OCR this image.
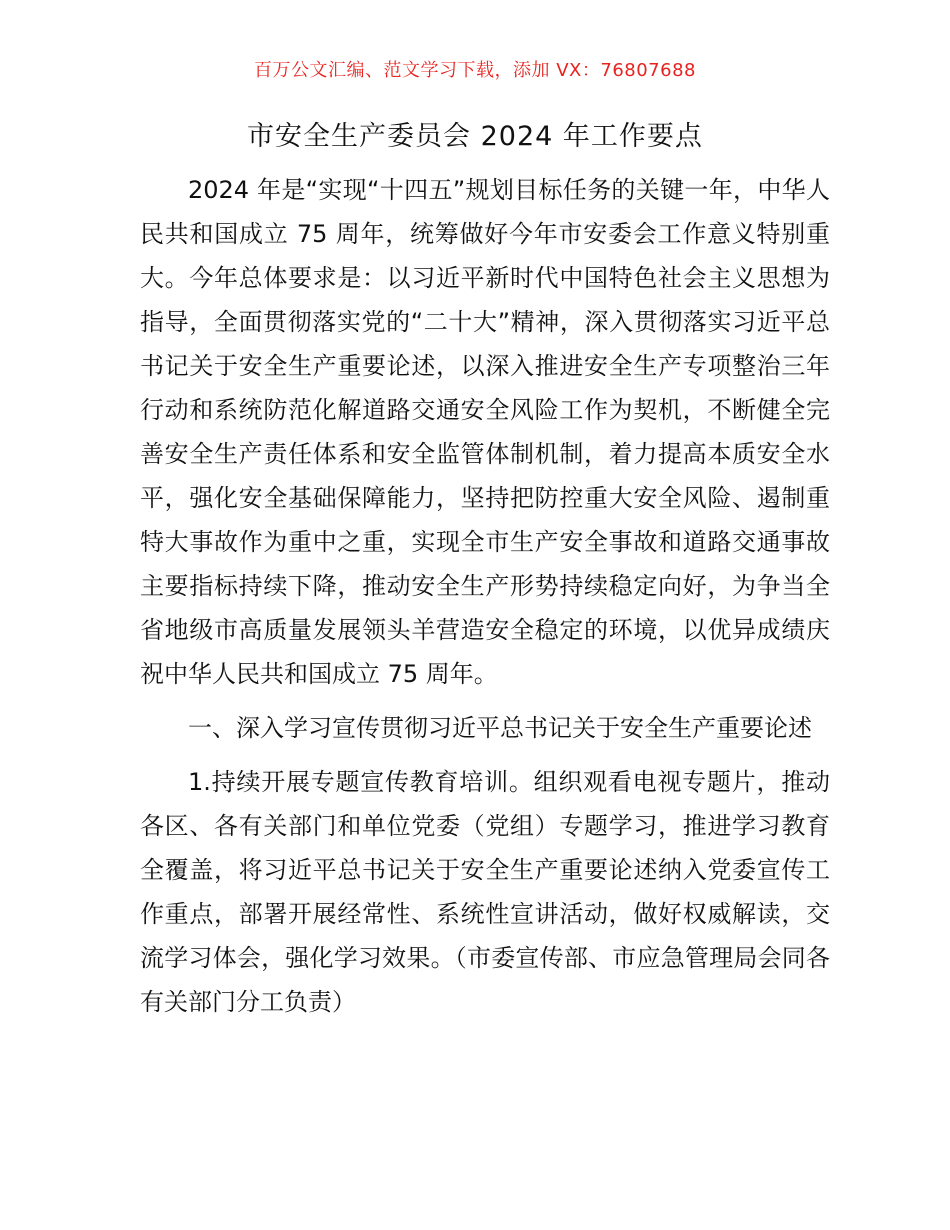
百万公文汇编、范文学习下载，添加 VX：76807688
市安全生产委员会 2024 年工作要点

2024 年是“实现“十四五”规划目标任务的关键一年，中华人民共和国成立 75 周年，统筹做好今年市安委会工作意义特别重大。今年总体要求是：以习近平新时代中国特色社会主义思想为指导，全面贯彻落实党的“二十大”精神，深入贯彻落实习近平总书记关于安全生产重要论述，以深入推进安全生产专项整治三年行动和系统防范化解道路交通安全风险工作为契机，不断健全完善安全生产责任体系和安全监管体制机制，着力提高本质安全水平，强化安全基础保障能力，坚持把防控重大安全风险、遏制重特大事故作为重中之重，实现全市生产安全事故和道路交通事故主要指标持续下降，推动安全生产形势持续稳定向好，为争当全省地级市高质量发展领头羊营造安全稳定的环境，以优异成绩庆祝中华人民共和国成立 75 周年。

一、深入学习宣传贯彻习近平总书记关于安全生产重要论述

1.持续开展专题宣传教育培训。组织观看电视专题片，推动各区、各有关部门和单位党委（党组）专题学习，推进学习教育全覆盖，将习近平总书记关于安全生产重要论述纳入党委宣传工作重点，部署开展经常性、系统性宣讲活动，做好权威解读，交流学习体会，强化学习效果。（市委宣传部、市应急管理局会同各有关部门分工负责）
